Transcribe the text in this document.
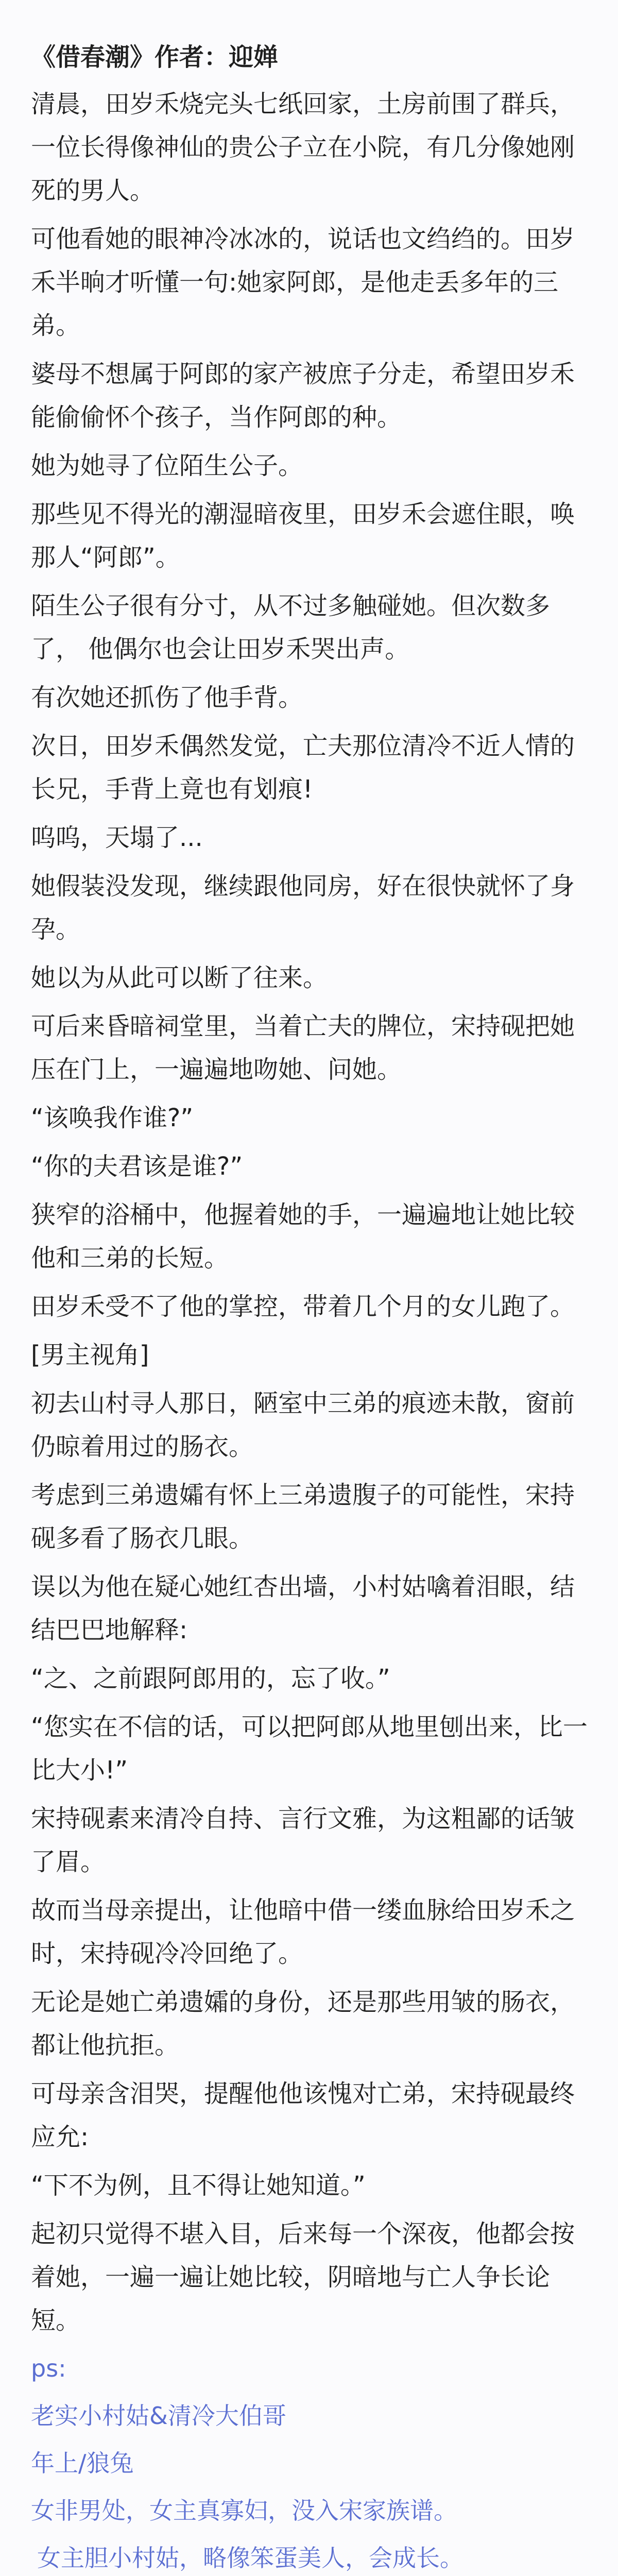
《借春潮》作者：迎婵
清晨，田岁禾烧完头七纸回家，土房前围了群兵，一位长得像神仙的贵公子立在小院，有几分像她刚死的男人。
可他看她的眼神冷冰冰的，说话也文绉绉的。田岁禾半晌才听懂一句:她家阿郎，是他走丢多年的三弟。
婆母不想属于阿郎的家产被庶子分走，希望田岁禾能偷偷怀个孩子，当作阿郎的种。
她为她寻了位陌生公子。
那些见不得光的潮湿暗夜里，田岁禾会遮住眼，唤那人“阿郎”。
陌生公子很有分寸，从不过多触碰她。但次数多了， 他偶尔也会让田岁禾哭出声。
有次她还抓伤了他手背。
次日，田岁禾偶然发觉，亡夫那位清冷不近人情的长兄，手背上竟也有划痕!
呜呜，天塌了...
她假装没发现，继续跟他同房，好在很快就怀了身孕。
她以为从此可以断了往来。
可后来昏暗祠堂里，当着亡夫的牌位，宋持砚把她压在门上，一遍遍地吻她、问她。
“该唤我作谁?”
“你的夫君该是谁?”
狭窄的浴桶中，他握着她的手，一遍遍地让她比较他和三弟的长短。
田岁禾受不了他的掌控，带着几个月的女儿跑了。
[男主视角]
初去山村寻人那日，陋室中三弟的痕迹未散，窗前仍晾着用过的肠衣。
考虑到三弟遗孀有怀上三弟遗腹子的可能性，宋持砚多看了肠衣几眼。
误以为他在疑心她红杏出墙，小村姑噙着泪眼，结结巴巴地解释:
“之、之前跟阿郎用的，忘了收。”
“您实在不信的话，可以把阿郎从地里刨出来，比一比大小!”
宋持砚素来清冷自持、言行文雅，为这粗鄙的话皱了眉。
故而当母亲提出，让他暗中借一缕血脉给田岁禾之时，宋持砚冷冷回绝了。
无论是她亡弟遗孀的身份，还是那些用皱的肠衣，都让他抗拒。
可母亲含泪哭，提醒他他该愧对亡弟，宋持砚最终应允:
“下不为例，且不得让她知道。”
起初只觉得不堪入目，后来每一个深夜，他都会按着她，一遍一遍让她比较，阴暗地与亡人争长论短。
ps:
老实小村姑&清冷大伯哥
年上/狼兔
女非男处，女主真寡妇，没入宋家族谱。
女主胆小村姑，略像笨蛋美人，会成长。
